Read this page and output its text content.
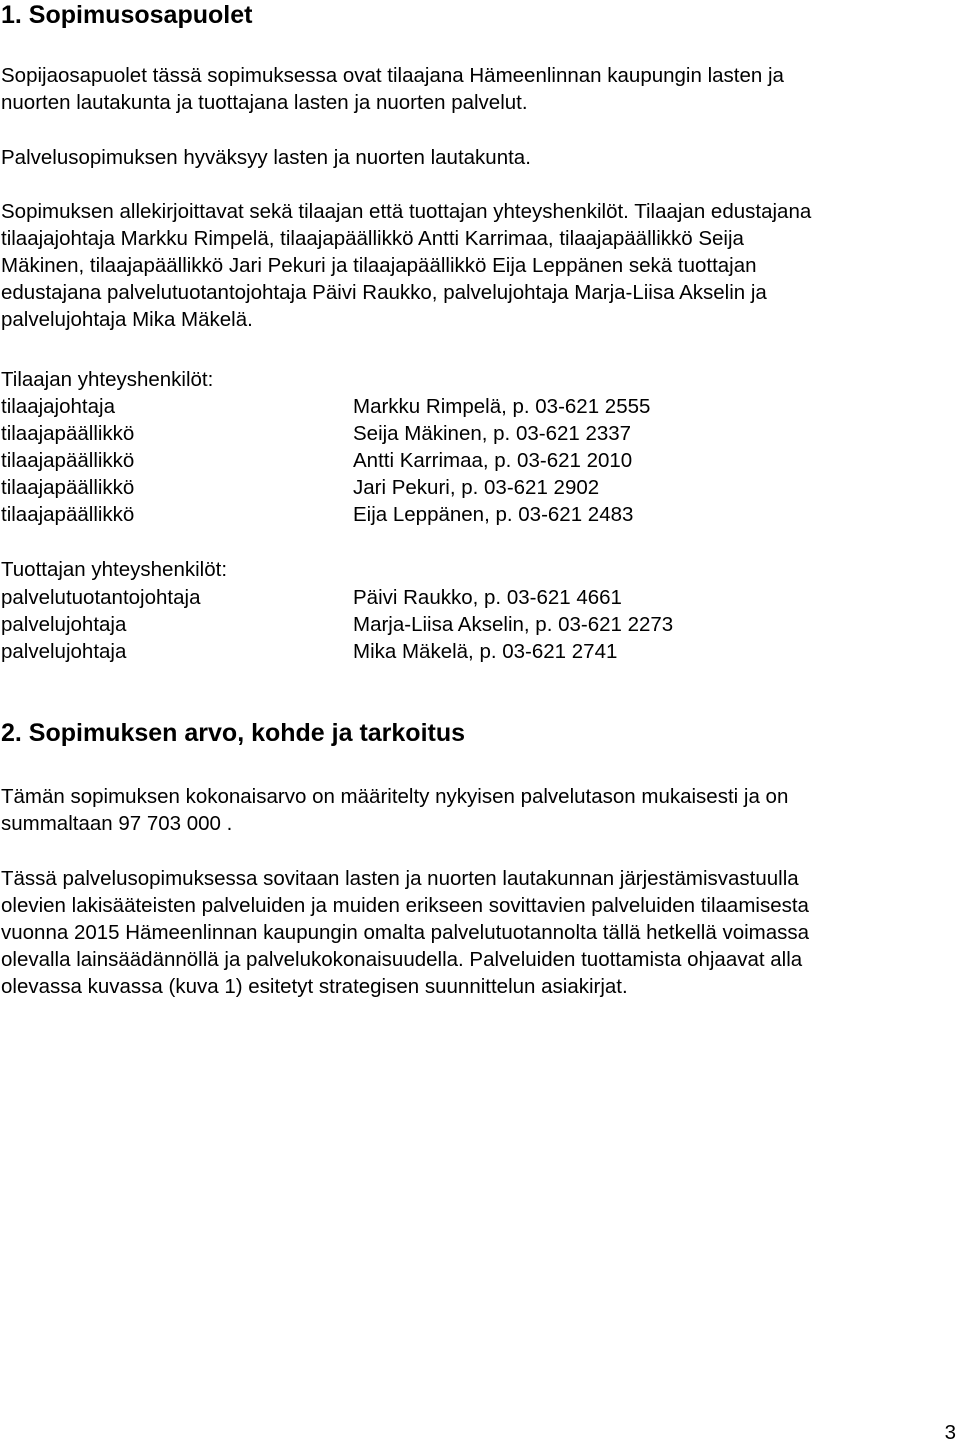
1. Sopimusosapuolet
Sopijaosapuolet tässä sopimuksessa ovat tilaajana Hämeenlinnan kaupungin lasten ja
nuorten lautakunta ja tuottajana lasten ja nuorten palvelut.
Palvelusopimuksen hyväksyy lasten ja nuorten lautakunta.
Sopimuksen allekirjoittavat sekä tilaajan että tuottajan yhteyshenkilöt. Tilaajan edustajana
tilaajajohtaja Markku Rimpelä, tilaajapäällikkö Antti Karrimaa, tilaajapäällikkö Seija
Mäkinen, tilaajapäällikkö Jari Pekuri ja tilaajapäällikkö Eija Leppänen sekä tuottajan
edustajana palvelutuotantojohtaja Päivi Raukko, palvelujohtaja Marja-Liisa Akselin ja
palvelujohtaja Mika Mäkelä.
Tilaajan yhteyshenkilöt:
tilaajajohtaja	Markku Rimpelä, p. 03-621 2555
tilaajapäällikkö	Seija Mäkinen, p. 03-621 2337
tilaajapäällikkö	Antti Karrimaa, p. 03-621 2010
tilaajapäällikkö	Jari Pekuri, p. 03-621 2902
tilaajapäällikkö	Eija Leppänen, p. 03-621 2483
Tuottajan yhteyshenkilöt:
palvelutuotantojohtaja	Päivi Raukko, p. 03-621 4661
palvelujohtaja	Marja-Liisa Akselin, p. 03-621 2273
palvelujohtaja	Mika Mäkelä, p. 03-621 2741
2. Sopimuksen arvo, kohde ja tarkoitus
Tämän sopimuksen kokonaisarvo on määritelty nykyisen palvelutason mukaisesti ja on
summaltaan 97 703 000 .
Tässä palvelusopimuksessa sovitaan lasten ja nuorten lautakunnan järjestämisvastuulla
olevien lakisääteisten palveluiden ja muiden erikseen sovittavien palveluiden tilaamisesta
vuonna 2015 Hämeenlinnan kaupungin omalta palvelutuotannolta tällä hetkellä voimassa
olevalla lainsäädännöllä ja palvelukokonaisuudella. Palveluiden tuottamista ohjaavat alla
olevassa kuvassa (kuva 1) esitetyt strategisen suunnittelun asiakirjat.
3
